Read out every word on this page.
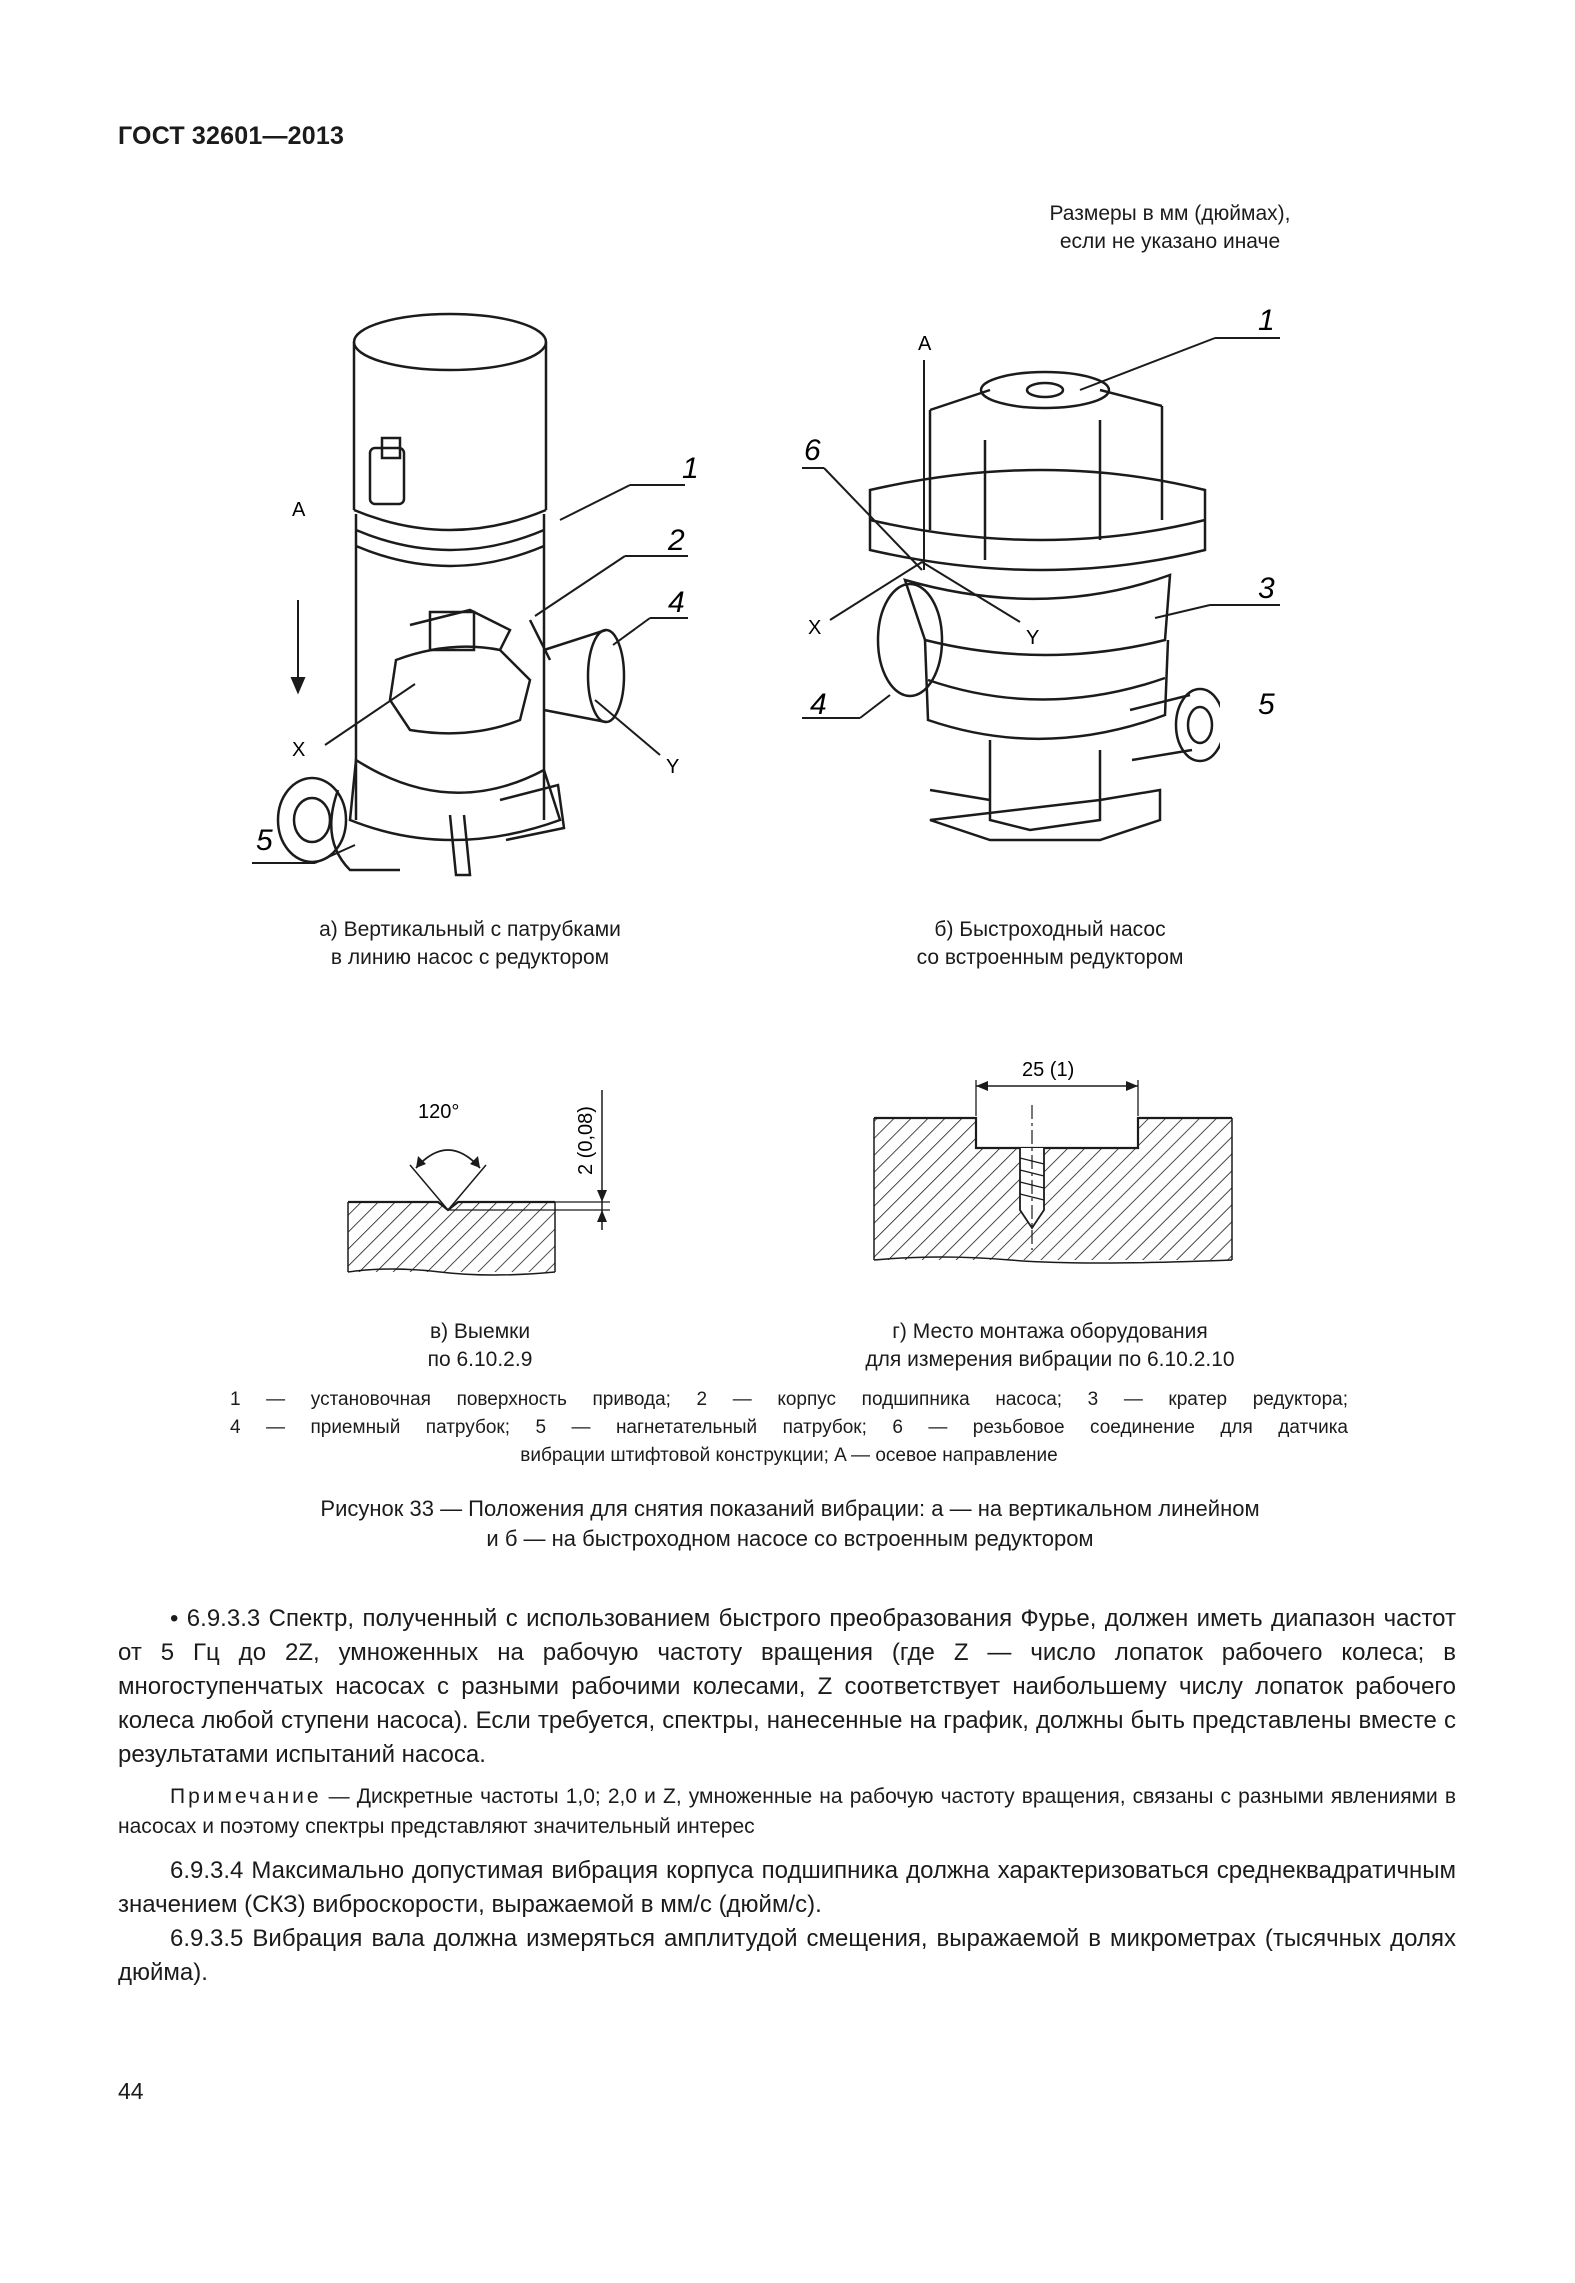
ГОСТ 32601—2013
Размеры в мм (дюймах),
если не указано иначе
1
2
4
5
A
X
Y
1
6
3
A
X	Y
4	5
а) Вертикальный с патрубками
в линию насос с редуктором
б) Быстроходный насос
со встроенным редуктором
120°	2 (0,08)
25 (1)
в) Выемки
по 6.10.2.9
г) Место монтажа оборудования
для измерения вибрации по 6.10.2.10
1 — установочная поверхность привода; 2 — корпус подшипника насоса; 3 — кратер редуктора;
4 — приемный патрубок; 5 — нагнетательный патрубок; 6 — резьбовое соединение для датчика
вибрации штифтовой конструкции; A — осевое направление
Рисунок 33 — Положения для снятия показаний вибрации: а — на вертикальном линейном
и б — на быстроходном насосе со встроенным редуктором

• 6.9.3.3 Спектр, полученный с использованием быстрого преобразования Фурье, должен иметь диапазон частот от 5 Гц до 2Z, умноженных на рабочую частоту вращения (где Z — число лопаток рабочего колеса; в многоступенчатых насосах с разными рабочими колесами, Z соответствует наибольшему числу лопаток рабочего колеса любой ступени насоса). Если требуется, спектры, нанесенные на график, должны быть представлены вместе с результатами испытаний насоса.

Примечание — Дискретные частоты 1,0; 2,0 и Z, умноженные на рабочую частоту вращения, связаны с разными явлениями в насосах и поэтому спектры представляют значительный интерес

6.9.3.4 Максимально допустимая вибрация корпуса подшипника должна характеризоваться среднеквадратичным значением (СКЗ) виброскорости, выражаемой в мм/с (дюйм/с).

6.9.3.5 Вибрация вала должна измеряться амплитудой смещения, выражаемой в микрометрах (тысячных долях дюйма).

44
